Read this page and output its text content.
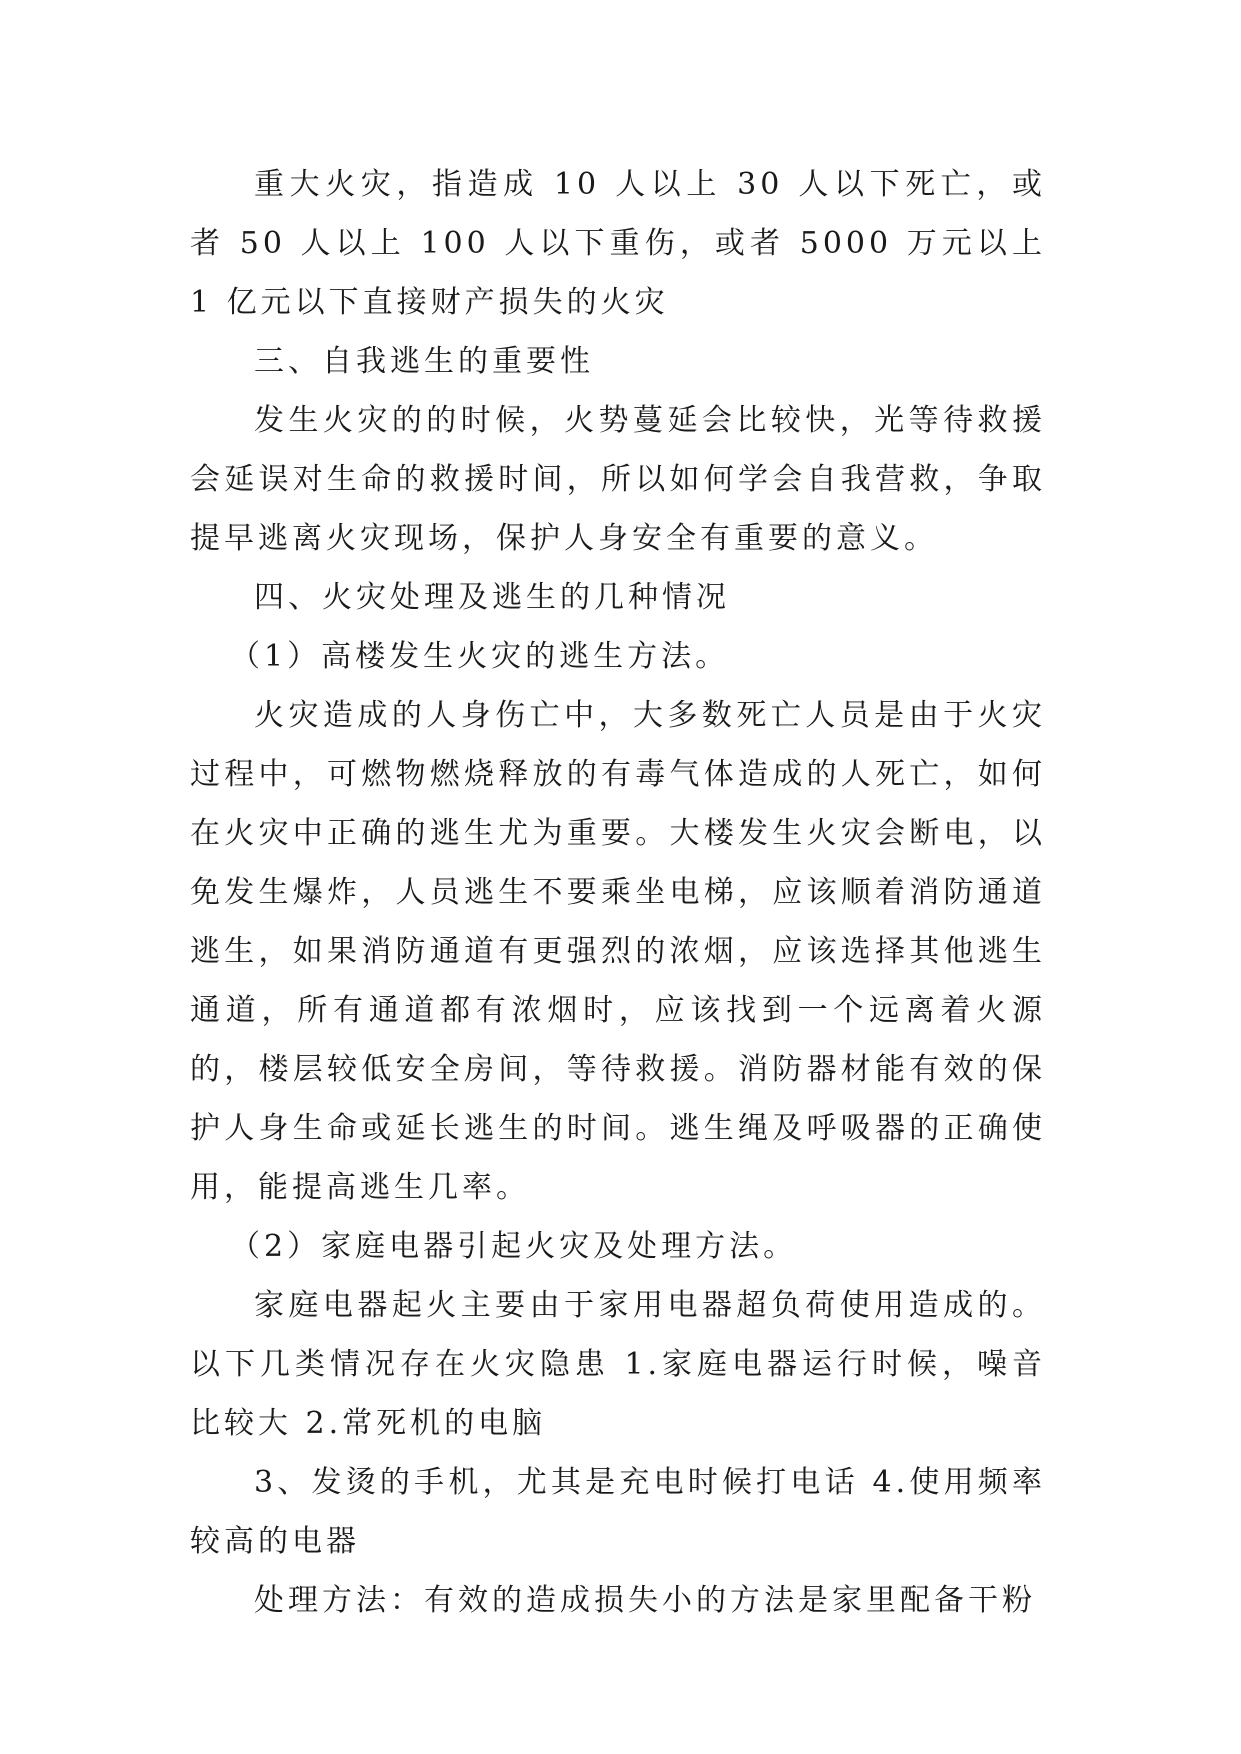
重大火灾，指造成 10 人以上 30 人以下死亡，或者 50 人以上 100 人以下重伤，或者 5000 万元以上 1 亿元以下直接财产损失的火灾

三、自我逃生的重要性

发生火灾的的时候，火势蔓延会比较快，光等待救援会延误对生命的救援时间，所以如何学会自我营救，争取提早逃离火灾现场，保护人身安全有重要的意义。

四、火灾处理及逃生的几种情况

（1）高楼发生火灾的逃生方法。

火灾造成的人身伤亡中，大多数死亡人员是由于火灾过程中，可燃物燃烧释放的有毒气体造成的人死亡，如何在火灾中正确的逃生尤为重要。大楼发生火灾会断电，以免发生爆炸，人员逃生不要乘坐电梯，应该顺着消防通道逃生，如果消防通道有更强烈的浓烟，应该选择其他逃生通道，所有通道都有浓烟时，应该找到一个远离着火源的，楼层较低安全房间，等待救援。消防器材能有效的保护人身生命或延长逃生的时间。逃生绳及呼吸器的正确使用，能提高逃生几率。

（2）家庭电器引起火灾及处理方法。

家庭电器起火主要由于家用电器超负荷使用造成的。以下几类情况存在火灾隐患 1.家庭电器运行时候，噪音比较大 2.常死机的电脑

3、发烫的手机，尤其是充电时候打电话 4.使用频率较高的电器

处理方法：有效的造成损失小的方法是家里配备干粉
